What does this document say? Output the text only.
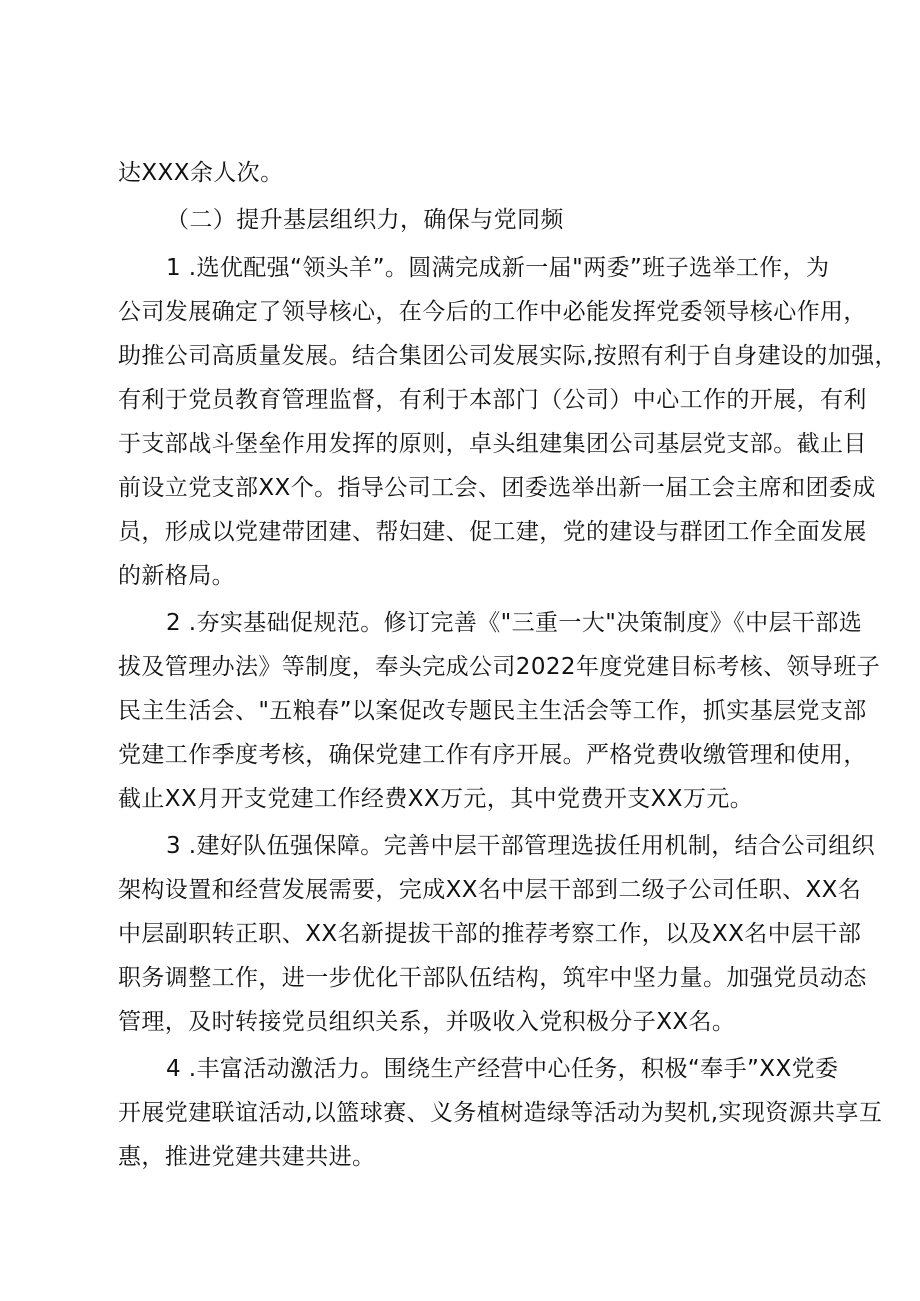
达XXX余人次。
（二）提升基层组织力，确保与党同频
1 .选优配强“领头羊”。圆满完成新一届"两委”班子选举工作，为
公司发展确定了领导核心，在今后的工作中必能发挥党委领导核心作用，
助推公司高质量发展。结合集团公司发展实际,按照有利于自身建设的加强，
有利于党员教育管理监督，有利于本部门（公司）中心工作的开展，有利
于支部战斗堡垒作用发挥的原则，卓头组建集团公司基层党支部。截止目
前设立党支部XX个。指导公司工会、团委选举出新一届工会主席和团委成
员，形成以党建带团建、帮妇建、促工建，党的建设与群团工作全面发展
的新格局。
2 .夯实基础促规范。修订完善《"三重一大"决策制度》《中层干部选
拔及管理办法》等制度，奉头完成公司2022年度党建目标考核、领导班子
民主生活会、"五粮春”以案促改专题民主生活会等工作，抓实基层党支部
党建工作季度考核，确保党建工作有序开展。严格党费收缴管理和使用，
截止XX月开支党建工作经费XX万元，其中党费开支XX万元。
3 .建好队伍强保障。完善中层干部管理选拔任用机制，结合公司组织
架构设置和经营发展需要，完成XX名中层干部到二级子公司任职、XX名
中层副职转正职、XX名新提拔干部的推荐考察工作，以及XX名中层干部
职务调整工作，进一步优化干部队伍结构，筑牢中坚力量。加强党员动态
管理，及时转接党员组织关系，并吸收入党积极分子XX名。
4 .丰富活动激活力。围绕生产经营中心任务，积极“奉手”XX党委
开展党建联谊活动,以篮球赛、义务植树造绿等活动为契机,实现资源共享互
惠，推进党建共建共进。
